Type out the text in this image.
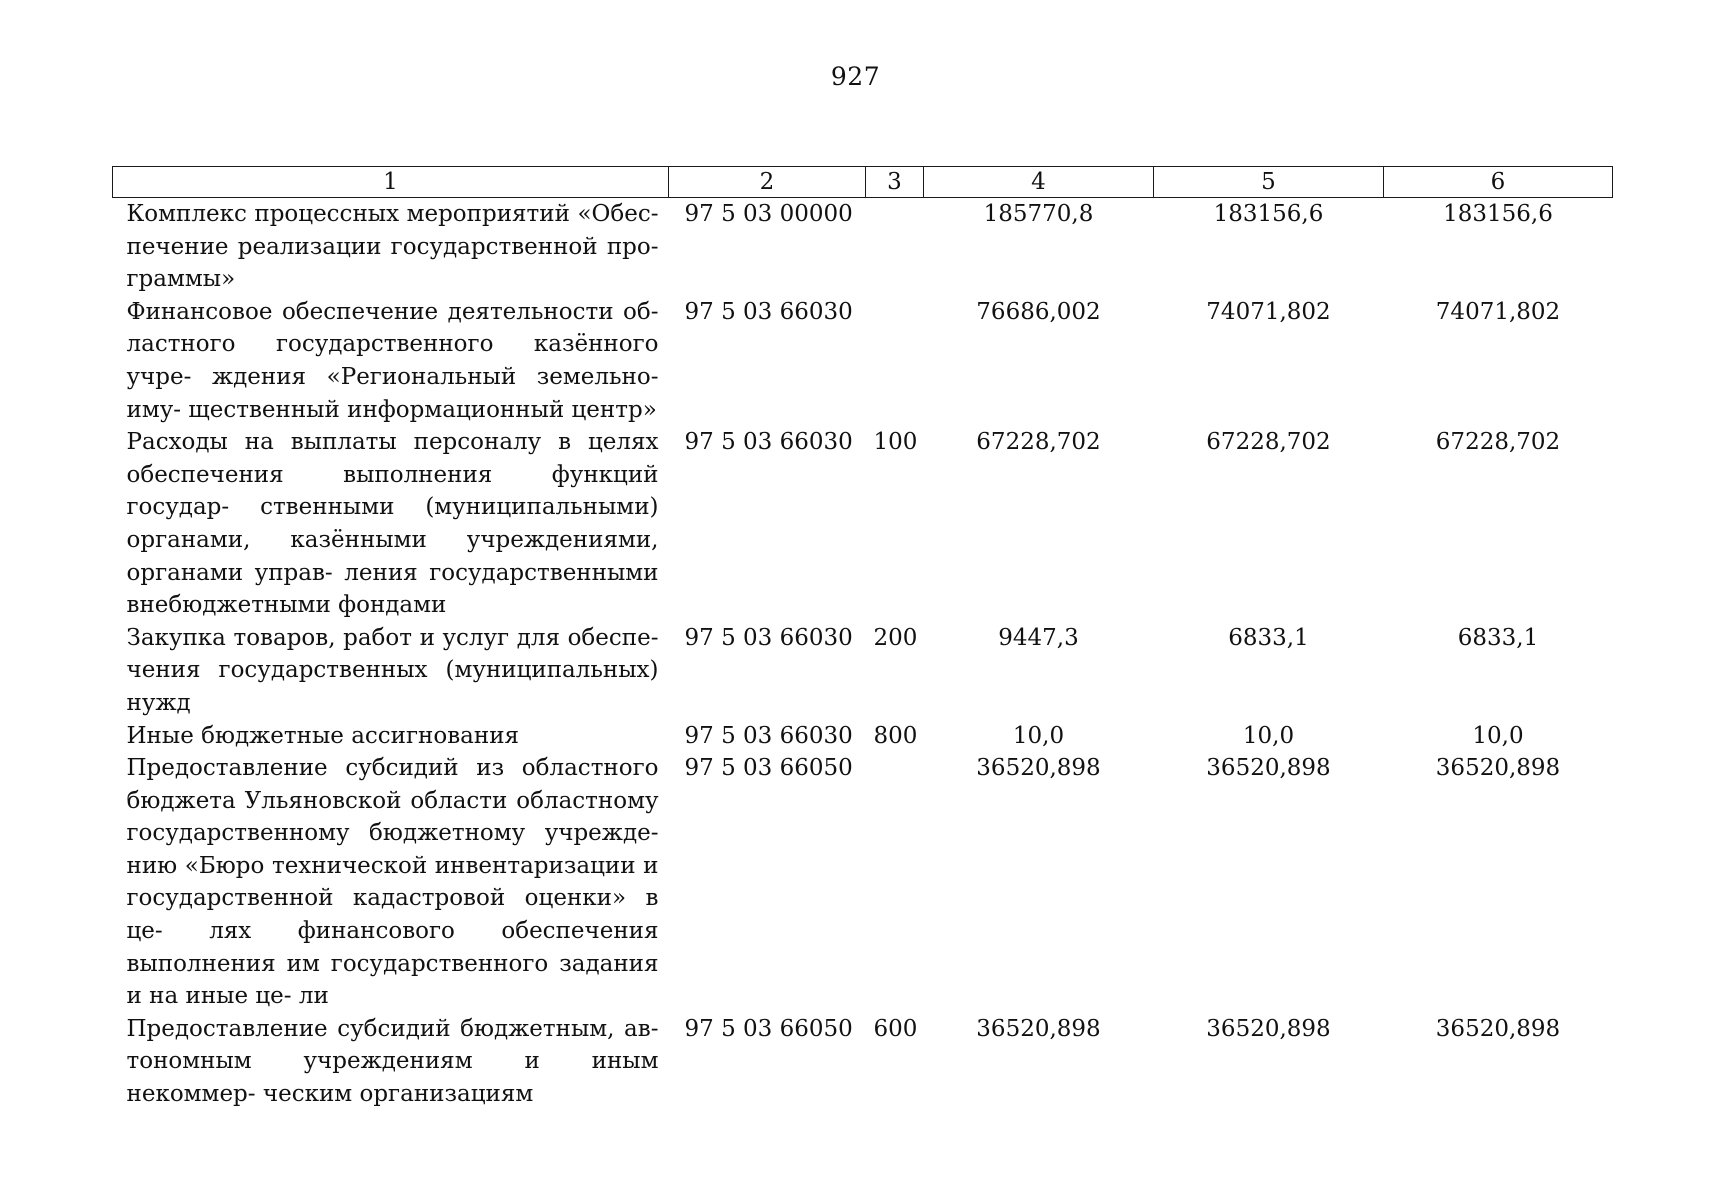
927
1	2	3	4	5	6
Комплекс процессных мероприятий «Обес- печение реализации государственной про- граммы»	97 5 03 00000		185770,8	183156,6	183156,6
Финансовое обеспечение деятельности об- ластного государственного казённого учре- ждения «Региональный земельно-иму- щественный информационный центр»	97 5 03 66030		76686,002	74071,802	74071,802
Расходы на выплаты персоналу в целях обеспечения выполнения функций государ- ственными (муниципальными) органами, казёнными учреждениями, органами управ- ления государственными внебюджетными фондами	97 5 03 66030	100	67228,702	67228,702	67228,702
Закупка товаров, работ и услуг для обеспе- чения государственных (муниципальных) нужд	97 5 03 66030	200	9447,3	6833,1	6833,1
Иные бюджетные ассигнования	97 5 03 66030	800	10,0	10,0	10,0
Предоставление субсидий из областного бюджета Ульяновской области областному государственному бюджетному учрежде- нию «Бюро технической инвентаризации и государственной кадастровой оценки» в це- лях финансового обеспечения выполнения им государственного задания и на иные це- ли	97 5 03 66050		36520,898	36520,898	36520,898
Предоставление субсидий бюджетным, ав- тономным учреждениям и иным некоммер- ческим организациям	97 5 03 66050	600	36520,898	36520,898	36520,898
